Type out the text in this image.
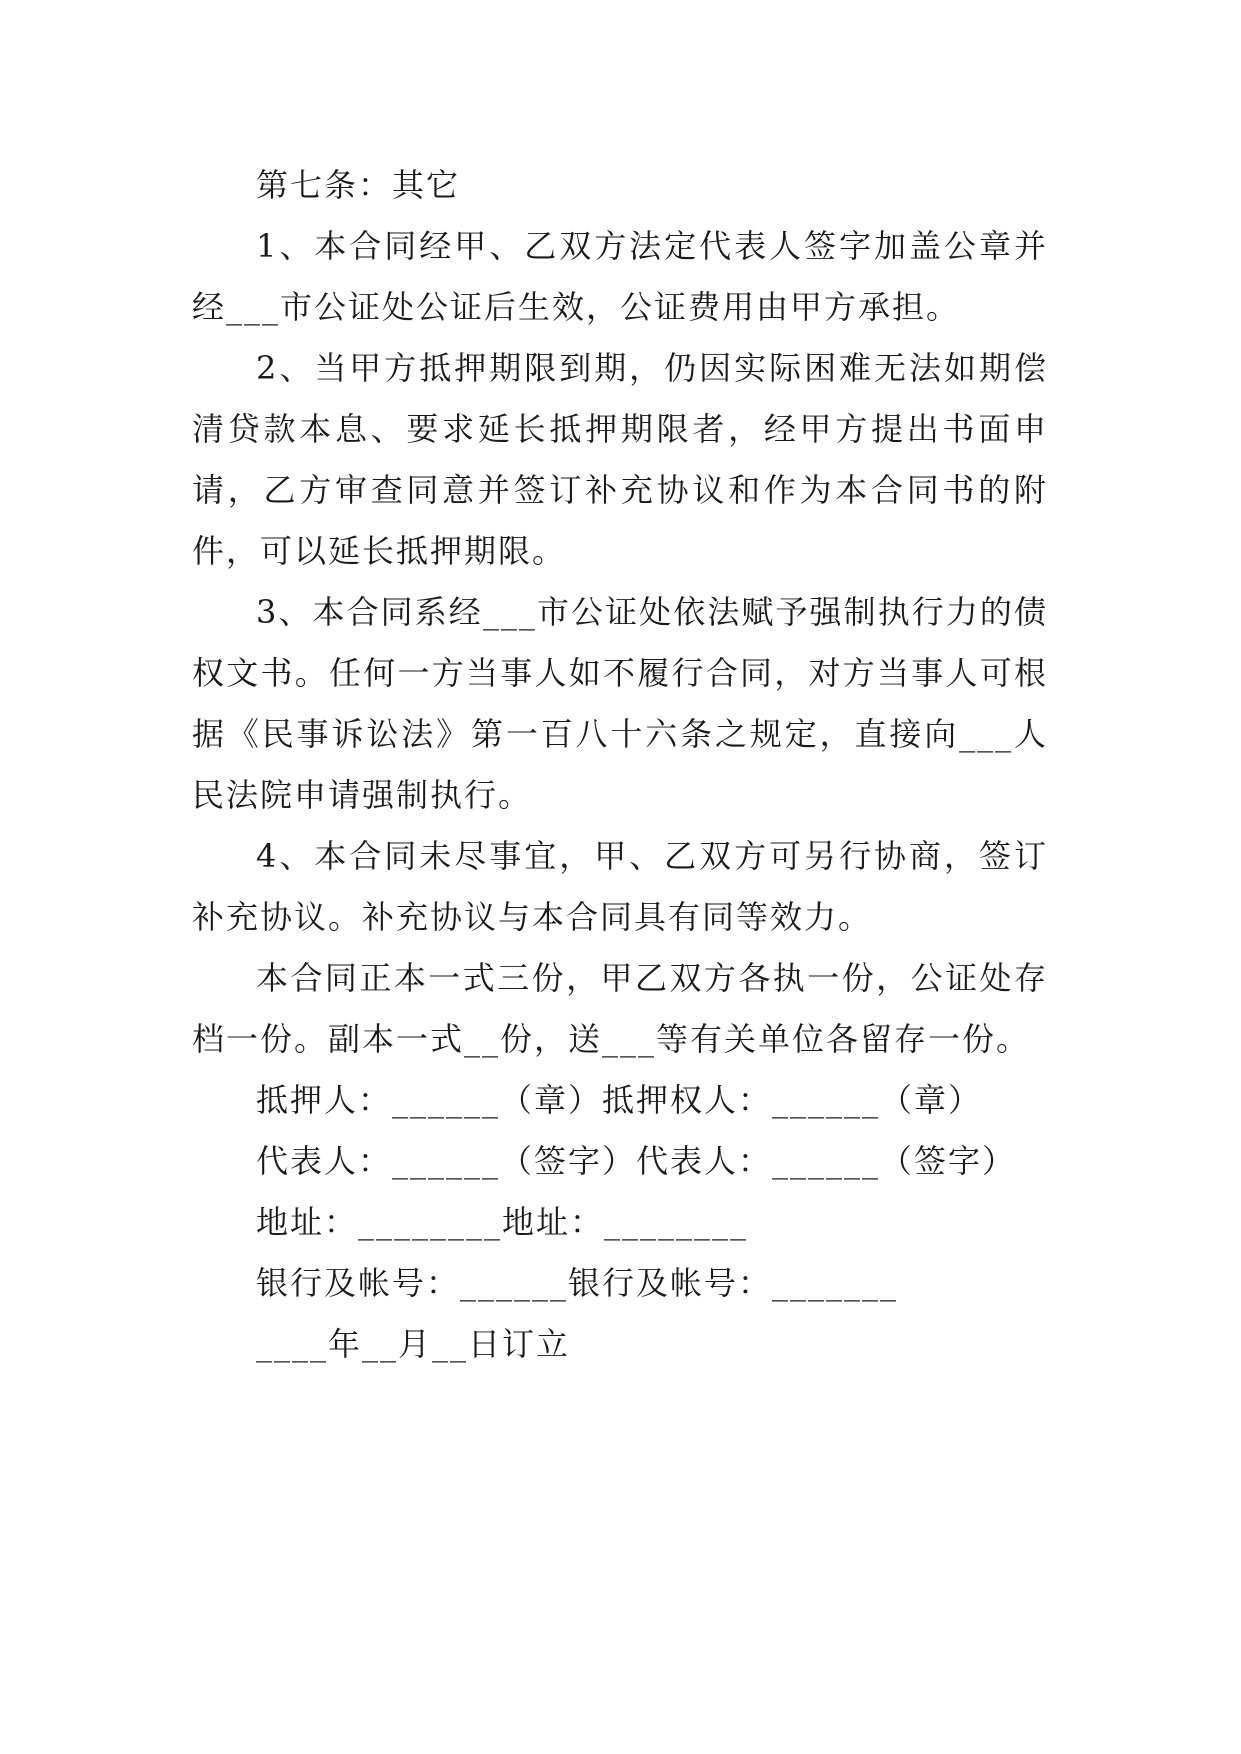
第七条：其它

1、本合同经甲、乙双方法定代表人签字加盖公章并经___市公证处公证后生效，公证费用由甲方承担。

2、当甲方抵押期限到期，仍因实际困难无法如期偿清贷款本息、要求延长抵押期限者，经甲方提出书面申请，乙方审查同意并签订补充协议和作为本合同书的附件，可以延长抵押期限。

3、本合同系经___市公证处依法赋予强制执行力的债权文书。任何一方当事人如不履行合同，对方当事人可根据《民事诉讼法》第一百八十六条之规定，直接向___人民法院申请强制执行。

4、本合同未尽事宜，甲、乙双方可另行协商，签订补充协议。补充协议与本合同具有同等效力。

本合同正本一式三份，甲乙双方各执一份，公证处存档一份。副本一式__份，送___等有关单位各留存一份。

抵押人：______（章）抵押权人：______（章）

代表人：______（签字）代表人：______（签字）

地址：________地址：________

银行及帐号：______银行及帐号：_______

____年__月__日订立
